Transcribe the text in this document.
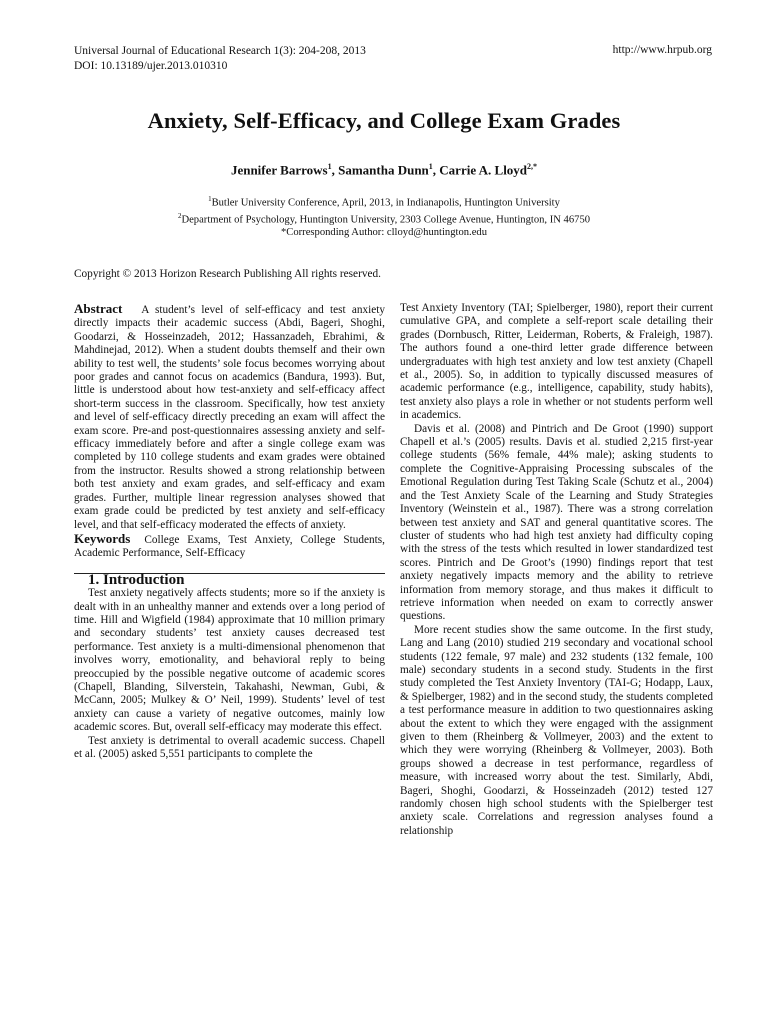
Universal Journal of Educational Research 1(3): 204-208, 2013
DOI: 10.13189/ujer.2013.010310
http://www.hrpub.org
Anxiety, Self-Efficacy, and College Exam Grades
Jennifer Barrows$^1$, Samantha Dunn$^1$, Carrie A. Lloyd$^{2,*}$
$^1$Butler University Conference, April, 2013, in Indianapolis, Huntington University
$^2$Department of Psychology, Huntington University, 2303 College Avenue, Huntington, IN 46750
*Corresponding Author: clloyd@huntington.edu
Copyright © 2013 Horizon Research Publishing All rights reserved.

Abstract A student’s level of self-efficacy and test anxiety directly impacts their academic success (Abdi, Bageri, Shoghi, Goodarzi, & Hosseinzadeh, 2012; Hassanzadeh, Ebrahimi, & Mahdinejad, 2012). When a student doubts themself and their own ability to test well, the students’ sole focus becomes worrying about poor grades and cannot focus on academics (Bandura, 1993). But, little is understood about how test-anxiety and self-efficacy affect short-term success in the classroom. Specifically, how test anxiety and level of self-efficacy directly preceding an exam will affect the exam score. Pre-and post-questionnaires assessing anxiety and self-efficacy immediately before and after a single college exam was completed by 110 college students and exam grades were obtained from the instructor. Results showed a strong relationship between both test anxiety and exam grades, and self-efficacy and exam grades. Further, multiple linear regression analyses showed that exam grade could be predicted by test anxiety and self-efficacy level, and that self-efficacy moderated the effects of anxiety.

Keywords College Exams, Test Anxiety, College Students, Academic Performance, Self-Efficacy

1. Introduction

Test anxiety negatively affects students; more so if the anxiety is dealt with in an unhealthy manner and extends over a long period of time. Hill and Wigfield (1984) approximate that 10 million primary and secondary students’ test anxiety causes decreased test performance. Test anxiety is a multi-dimensional phenomenon that involves worry, emotionality, and behavioral reply to being preoccupied by the possible negative outcome of academic scores (Chapell, Blanding, Silverstein, Takahashi, Newman, Gubi, & McCann, 2005; Mulkey & O’ Neil, 1999). Students’ level of test anxiety can cause a variety of negative outcomes, mainly low academic scores. But, overall self-efficacy may moderate this effect.

Test anxiety is detrimental to overall academic success. Chapell et al. (2005) asked 5,551 participants to complete the

Test Anxiety Inventory (TAI; Spielberger, 1980), report their current cumulative GPA, and complete a self-report scale detailing their grades (Dornbusch, Ritter, Leiderman, Roberts, & Fraleigh, 1987). The authors found a one-third letter grade difference between undergraduates with high test anxiety and low test anxiety (Chapell et al., 2005). So, in addition to typically discussed measures of academic performance (e.g., intelligence, capability, study habits), test anxiety also plays a role in whether or not students perform well in academics.

Davis et al. (2008) and Pintrich and De Groot (1990) support Chapell et al.’s (2005) results. Davis et al. studied 2,215 first-year college students (56% female, 44% male); asking students to complete the Cognitive-Appraising Processing subscales of the Emotional Regulation during Test Taking Scale (Schutz et al., 2004) and the Test Anxiety Scale of the Learning and Study Strategies Inventory (Weinstein et al., 1987). There was a strong correlation between test anxiety and SAT and general quantitative scores. The cluster of students who had high test anxiety had difficulty coping with the stress of the tests which resulted in lower standardized test scores. Pintrich and De Groot’s (1990) findings report that test anxiety negatively impacts memory and the ability to retrieve information from memory storage, and thus makes it difficult to retrieve information when needed on exam to correctly answer questions.

More recent studies show the same outcome. In the first study, Lang and Lang (2010) studied 219 secondary and vocational school students (122 female, 97 male) and 232 students (132 female, 100 male) secondary students in a second study. Students in the first study completed the Test Anxiety Inventory (TAI-G; Hodapp, Laux, & Spielberger, 1982) and in the second study, the students completed a test performance measure in addition to two questionnaires asking about the extent to which they were engaged with the assignment given to them (Rheinberg & Vollmeyer, 2003) and the extent to which they were worrying (Rheinberg & Vollmeyer, 2003). Both groups showed a decrease in test performance, regardless of measure, with increased worry about the test. Similarly, Abdi, Bageri, Shoghi, Goodarzi, & Hosseinzadeh (2012) tested 127 randomly chosen high school students with the Spielberger test anxiety scale. Correlations and regression analyses found a relationship
